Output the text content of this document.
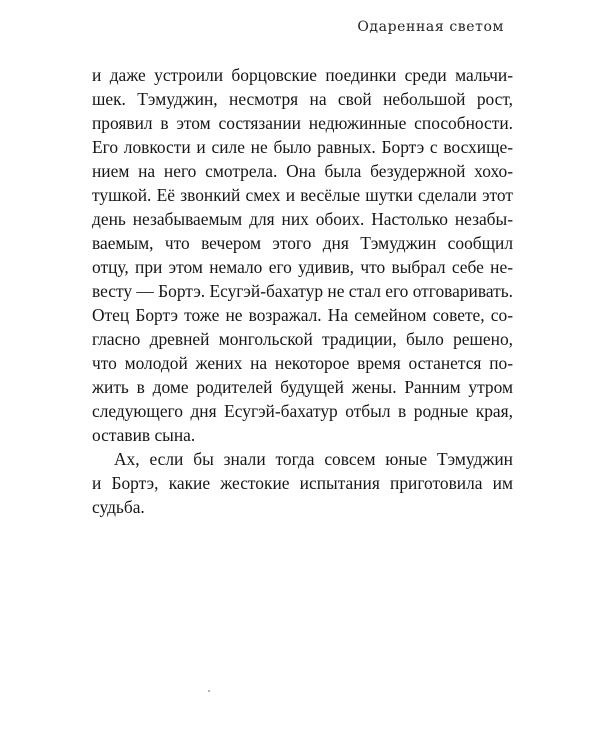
Одаренная светом

и даже устроили борцовские поединки среди мальчи-
шек. Тэмуджин, несмотря на свой небольшой рост,
проявил в этом состязании недюжинные способности.
Его ловкости и силе не было равных. Бортэ с восхище-
нием на него смотрела. Она была безудержной хохо-
тушкой. Её звонкий смех и весёлые шутки сделали этот
день незабываемым для них обоих. Настолько незабы-
ваемым, что вечером этого дня Тэмуджин сообщил
отцу, при этом немало его удивив, что выбрал себе не-
весту — Бортэ. Есугэй-бахатур не стал его отговаривать.
Отец Бортэ тоже не возражал. На семейном совете, со-
гласно древней монгольской традиции, было решено,
что молодой жених на некоторое время останется по-
жить в доме родителей будущей жены. Ранним утром
следующего дня Есугэй-бахатур отбыл в родные края,
оставив сына.

Ах, если бы знали тогда совсем юные Тэмуджин
и Бортэ, какие жестокие испытания приготовила им
судьба.
